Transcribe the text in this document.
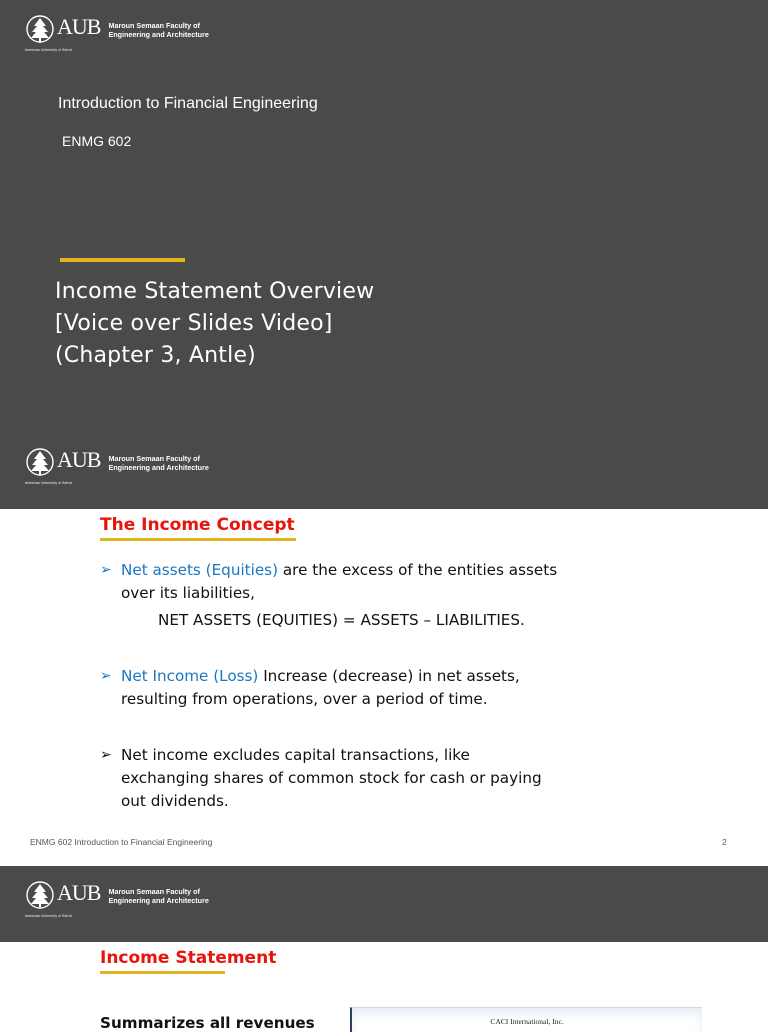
AUB
American University of Beirut
Maroun Semaan Faculty of
Engineering and Architecture
Introduction to Financial Engineering
ENMG 602
Income Statement Overview
[Voice over Slides Video]
(Chapter 3, Antle)
AUB
American University of Beirut
Maroun Semaan Faculty of
Engineering and Architecture
The Income Concept
➢ Net assets (Equities) are the excess of the entities assets
over its liabilities,
NET ASSETS (EQUITIES) = ASSETS – LIABILITIES.
➢ Net Income (Loss) Increase (decrease) in net assets,
resulting from operations, over a period of time.
➢ Net income excludes capital transactions, like
exchanging shares of common stock for cash or paying
out dividends.
ENMG 602 Introduction to Financial Engineering	2
AUB
American University of Beirut
Maroun Semaan Faculty of
Engineering and Architecture
Income Statement
Summarizes all revenues	CACI International, Inc.
